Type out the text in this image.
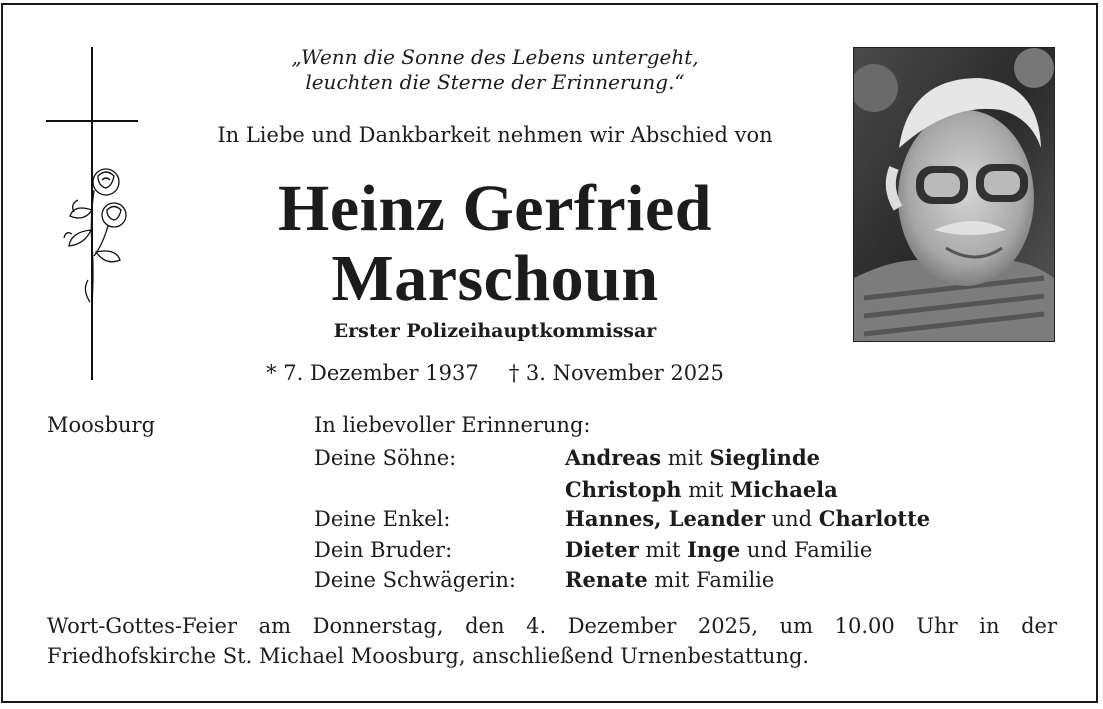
„Wenn die Sonne des Lebens untergeht,
leuchten die Sterne der Erinnerung.“
In Liebe und Dankbarkeit nehmen wir Abschied von
Heinz Gerfried
Marschoun
Erster Polizeihauptkommissar
* 7. Dezember 1937 † 3. November 2025
Moosburg	In liebevoller Erinnerung:
Deine Söhne:	Andreas mit Sieglinde
Christoph mit Michaela
Deine Enkel:	Hannes, Leander und Charlotte
Dein Bruder:	Dieter mit Inge und Familie
Deine Schwägerin: Renate mit Familie
Wort-Gottes-Feier am Donnerstag, den 4. Dezember 2025, um 10.00 Uhr in der Friedhofskirche St. Michael Moosburg, anschließend Urnenbestattung.
